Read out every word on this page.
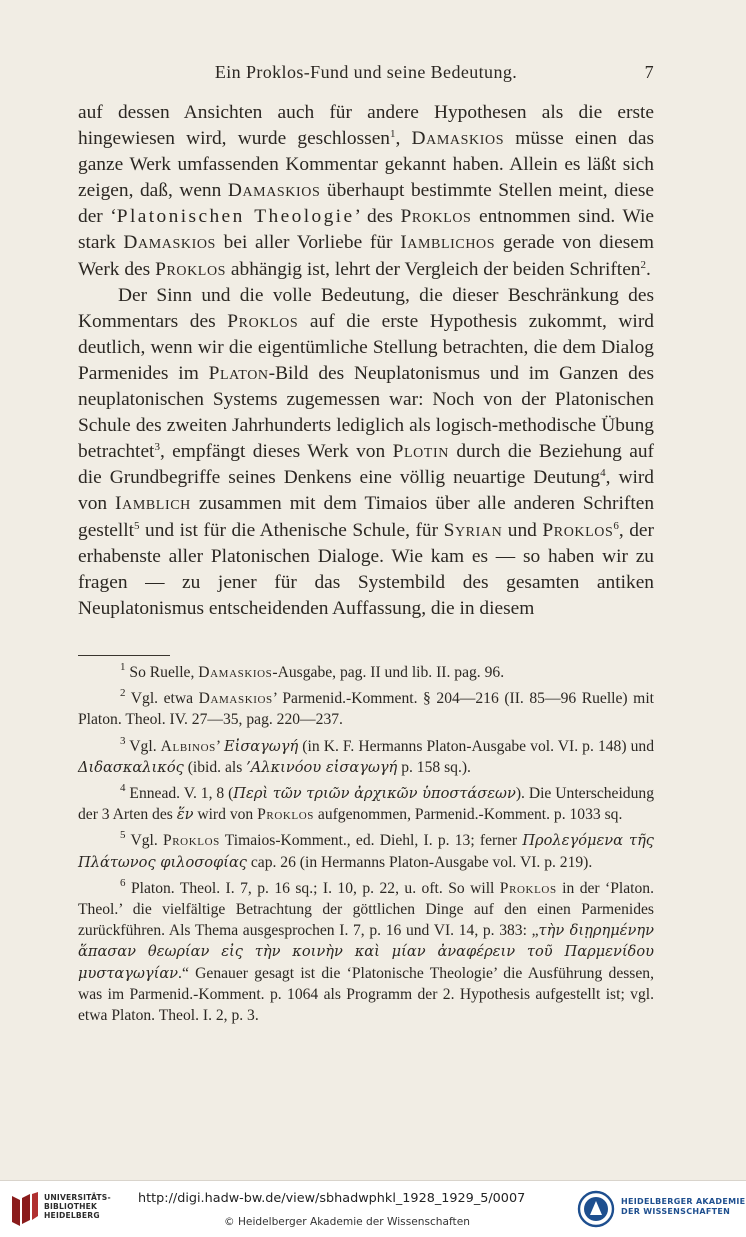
Ein Proklos-Fund und seine Bedeutung.	7

auf dessen Ansichten auch für andere Hypothesen als die erste hingewiesen wird, wurde geschlossen$^1$, Damaskios müsse einen das ganze Werk umfassenden Kommentar gekannt haben. Allein es läßt sich zeigen, daß, wenn Damaskios überhaupt bestimmte Stellen meint, diese der ‘Platonischen Theologie’ des Proklos entnommen sind. Wie stark Damaskios bei aller Vorliebe für Iamblichos gerade von diesem Werk des Proklos abhängig ist, lehrt der Vergleich der beiden Schriften$^2$.

Der Sinn und die volle Bedeutung, die dieser Beschränkung des Kommentars des Proklos auf die erste Hypothesis zukommt, wird deutlich, wenn wir die eigentümliche Stellung betrachten, die dem Dialog Parmenides im Platon-Bild des Neuplatonismus und im Ganzen des neuplatonischen Systems zugemessen war: Noch von der Platonischen Schule des zweiten Jahrhunderts lediglich als logisch-methodische Übung betrachtet$^3$, empfängt dieses Werk von Plotin durch die Beziehung auf die Grundbegriffe seines Denkens eine völlig neuartige Deutung$^4$, wird von Iamblich zusammen mit dem Timaios über alle anderen Schriften gestellt$^5$ und ist für die Athenische Schule, für Syrian und Proklos$^6$, der erhabenste aller Platonischen Dialoge. Wie kam es — so haben wir zu fragen — zu jener für das Systembild des gesamten antiken Neuplatonismus entscheidenden Auffassung, die in diesem

$^1$ So Ruelle, Damaskios-Ausgabe, pag. II und lib. II. pag. 96.

$^2$ Vgl. etwa Damaskios’ Parmenid.-Komment. § 204—216 (II. 85—96 Ruelle) mit Platon. Theol. IV. 27—35, pag. 220—237.

$^3$ Vgl. Albinos’ Εἰσαγωγή (in K. F. Hermanns Platon-Ausgabe vol. VI. p. 148) und Διδασκαλικός (ibid. als ’Αλκινόου εἰσαγωγή p. 158 sq.).

$^4$ Ennead. V. 1, 8 (Περὶ τῶν τριῶν ἀρχικῶν ὑποστάσεων). Die Unterscheidung der 3 Arten des ἕν wird von Proklos aufgenommen, Parmenid.-Komment. p. 1033 sq.

$^5$ Vgl. Proklos Timaios-Komment., ed. Diehl, I. p. 13; ferner Προλεγόμενα τῆς Πλάτωνος φιλοσοφίας cap. 26 (in Hermanns Platon-Ausgabe vol. VI. p. 219).

$^6$ Platon. Theol. I. 7, p. 16 sq.; I. 10, p. 22, u. oft. So will Proklos in der ‘Platon. Theol.’ die vielfältige Betrachtung der göttlichen Dinge auf den einen Parmenides zurückführen. Als Thema ausgesprochen I. 7, p. 16 und VI. 14, p. 383: „τὴν διῃρημένην ἅπασαν θεωρίαν εἰς τὴν κοινὴν καὶ μίαν ἀναφέρειν τοῦ Παρμενίδου μυσταγωγίαν.“ Genauer gesagt ist die ‘Platonische Theologie’ die Ausführung dessen, was im Parmenid.-Komment. p. 1064 als Programm der 2. Hypothesis aufgestellt ist; vgl. etwa Platon. Theol. I. 2, p. 3.

UNIVERSITÄTS-
BIBLIOTHEK
HEIDELBERG
http://digi.hadw-bw.de/view/sbhadwphkl_1928_1929_5/0007
© Heidelberger Akademie der Wissenschaften
HEIDELBERGER AKADEMIE
DER WISSENSCHAFTEN
